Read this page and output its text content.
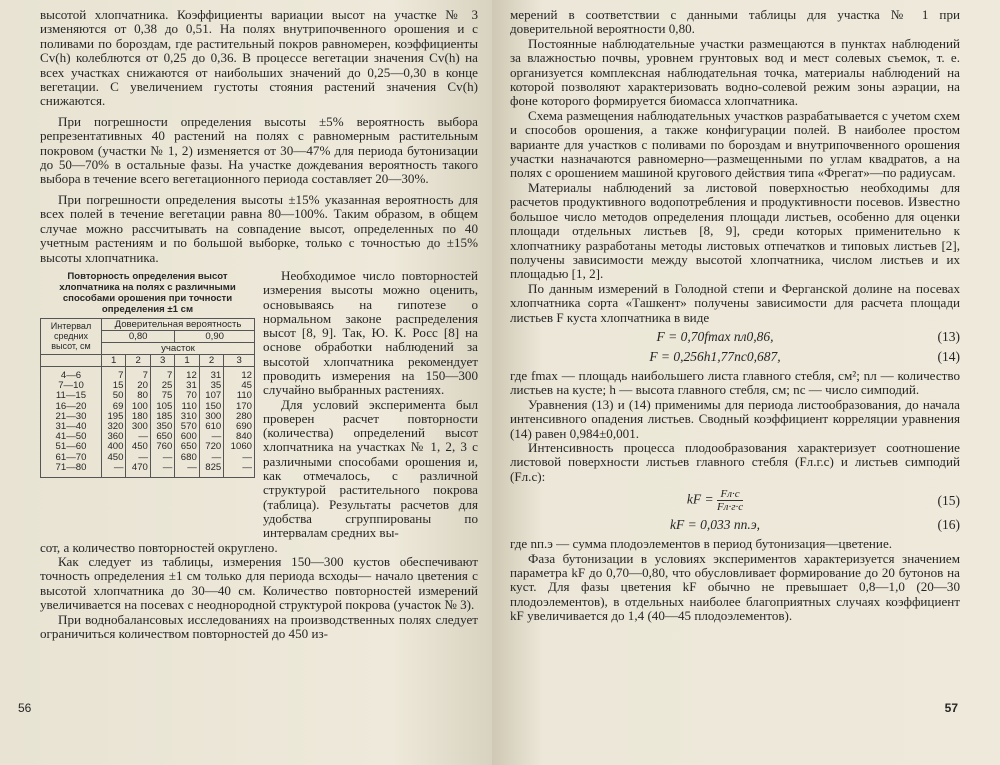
высотой хлопчатника. Коэффициенты вариации высот на участке № 3 изменяются от 0,38 до 0,51. На полях внутрипочвенного орошения и с поливами по бороздам, где растительный покров равномерен, коэффициенты Cv(h) колеблются от 0,25 до 0,36. В процессе вегетации значения Cv(h) на всех участках снижаются от наибольших значений до 0,25—0,30 в конце вегетации. С увеличением густоты стояния растений значения Cv(h) снижаются.

При погрешности определения высоты ±5% вероятность выбора репрезентативных 40 растений на полях с равномерным растительным покровом (участки № 1, 2) изменяется от 30—47% для периода бутонизации до 50—70% в остальные фазы. На участке дождевания вероятность такого выбора в течение всего вегетационного периода составляет 20—30%.

При погрешности определения высоты ±15% указанная вероятность для всех полей в течение вегетации равна 80—100%. Таким образом, в общем случае можно рассчитывать на совпадение высот, определенных по 40 учетным растениям и по большой выборке, только с точностью до ±15% высоты хлопчатника.

Повторность определения высот хлопчатника на полях с различными способами орошения при точности определения ±1 см
Интервал средних высот, см	Доверительная вероятность					
	0,80			0,90		
	участок					
	1	2	3	1	2	3
4—6	7	7	7	12	31	12
7—10	15	20	25	31	35	45
11—15	50	80	75	70	107	110
16—20	69	100	105	110	150	170
21—30	195	180	185	310	300	280
31—40	320	300	350	570	610	690
41—50	360	—	650	600	—	840
51—60	400	450	760	650	720	1060
61—70	450	—	—	680	—	—
71—80	—	470	—	—	825	—

Необходимое число повторностей измерения высоты можно оценить, основываясь на гипотезе о нормальном законе распределения высот [8, 9]. Так, Ю. К. Росс [8] на основе обработки наблюдений за высотой хлопчатника рекомендует проводить измерения на 150—300 случайно выбранных растениях.

Для условий эксперимента был проверен расчет повторности (количества) определений высот хлопчатника на участках № 1, 2, 3 с различными способами орошения и, как отмечалось, с различной структурой растительного покрова (таблица). Результаты расчетов для удобства сгруппированы по интервалам средних вы-

сот, а количество повторностей округлено.

Как следует из таблицы, измерения 150—300 кустов обеспечивают точность определения ±1 см только для периода всходы— начало цветения с высотой хлопчатника до 30—40 см. Количество повторностей измерений увеличивается на посевах с неоднородной структурой покрова (участок № 3).

При воднобалансовых исследованиях на производственных полях следует ограничиться количеством повторностей до 450 из-

56

мерений в соответствии с данными таблицы для участка № 1 при доверительной вероятности 0,80.

Постоянные наблюдательные участки размещаются в пунктах наблюдений за влажностью почвы, уровнем грунтовых вод и мест солевых съемок, т. е. организуется комплексная наблюдательная точка, материалы наблюдений на которой позволяют характеризовать водно-солевой режим зоны аэрации, на фоне которого формируется биомасса хлопчатника.

Схема размещения наблюдательных участков разрабатывается с учетом схем и способов орошения, а также конфигурации полей. В наиболее простом варианте для участков с поливами по бороздам и внутрипочвенного орошения участки назначаются равномерно—размещенными по углам квадратов, а на полях с орошением машиной кругового действия типа «Фрегат»—по радиусам.

Материалы наблюдений за листовой поверхностью необходимы для расчетов продуктивного водопотребления и продуктивности посевов. Известно большое число методов определения площади листьев, особенно для оценки площади отдельных листьев [8, 9], среди которых применительно к хлопчатнику разработаны методы листовых отпечатков и типовых листьев [2], получены зависимости между высотой хлопчатника, числом листьев и их площадью [1, 2].

По данным измерений в Голодной степи и Ферганской долине на посевах хлопчатника сорта «Ташкент» получены зависимости для расчета площади листьев F куста хлопчатника в виде

F = 0,70fmax nл0,86,	(13)
F = 0,256h1,77nc0,687,	(14)

где fmax — площадь наибольшего листа главного стебля, см²; nл — количество листьев на кусте; h — высота главного стебля, см; nc — число симподий.

Уравнения (13) и (14) применимы для периода листообразования, до начала интенсивного опадения листьев. Сводный коэффициент корреляции уравнения (14) равен 0,984±0,001.

Интенсивность процесса плодообразования характеризует соотношение листовой поверхности листьев главного стебля (Fл.г.с) и листьев симподий (Fл.с):

kF = $\frac{Fл\cdot с}{Fл\cdot г\cdot с}$	(15)
kF = 0,033 nп.э,	(16)

где nп.э — сумма плодоэлементов в период бутонизация—цветение.

Фаза бутонизации в условиях экспериментов характеризуется значением параметра kF до 0,70—0,80, что обусловливает формирование до 20 бутонов на куст. Для фазы цветения kF обычно не превышает 0,8—1,0 (20—30 плодоэлементов), в отдельных наиболее благоприятных случаях коэффициент kF увеличивается до 1,4 (40—45 плодоэлементов).

57
